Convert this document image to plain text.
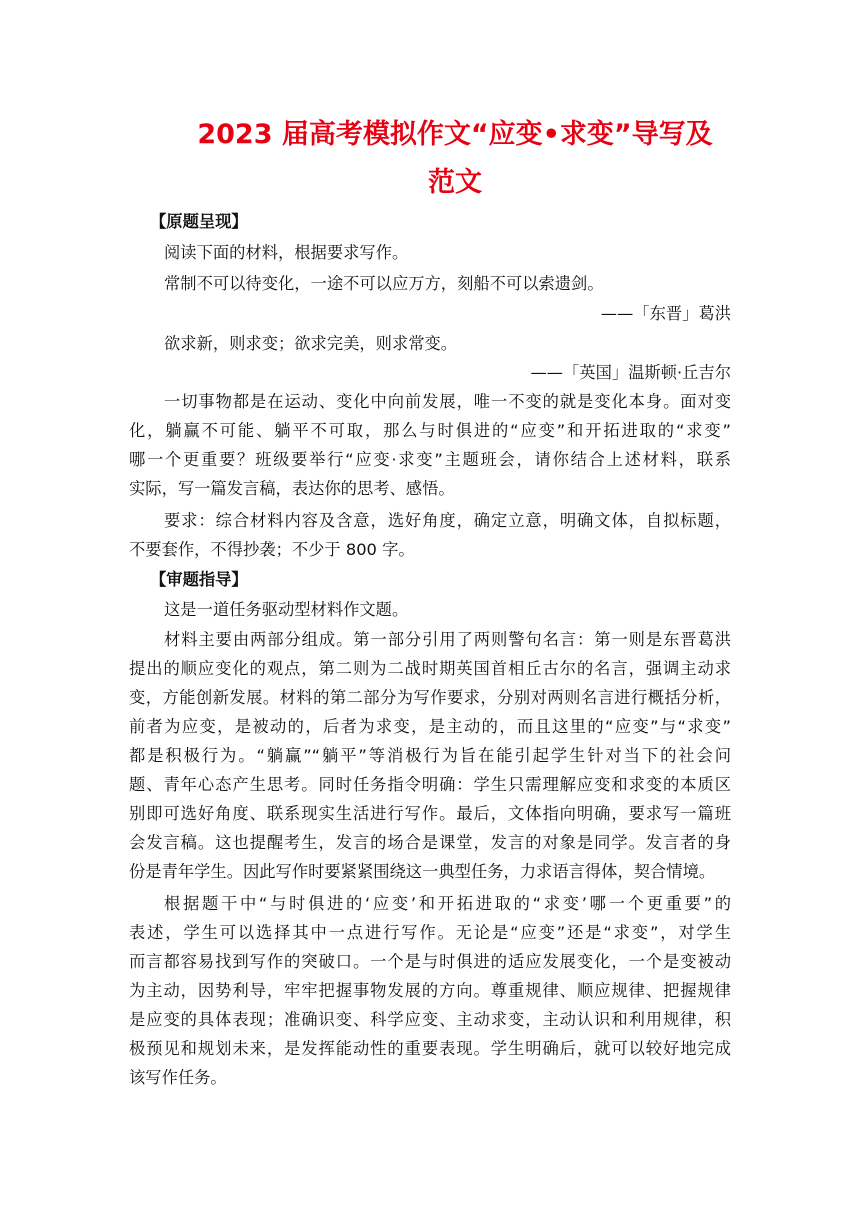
2023 届高考模拟作文“应变•求变”导写及
范文
【原题呈现】
阅读下面的材料，根据要求写作。
常制不可以待变化，一途不可以应万方，刻船不可以索遗剑。
——「东晋」葛洪
欲求新，则求变；欲求完美，则求常变。
——「英国」温斯顿·丘吉尔
一切事物都是在运动、变化中向前发展，唯一不变的就是变化本身。面对变
化，躺赢不可能、躺平不可取，那么与时俱进的“应变”和开拓进取的“求变”
哪一个更重要？班级要举行“应变·求变”主题班会，请你结合上述材料，联系
实际，写一篇发言稿，表达你的思考、感悟。
要求：综合材料内容及含意，选好角度，确定立意，明确文体，自拟标题，
不要套作，不得抄袭；不少于 800 字。
【审题指导】
这是一道任务驱动型材料作文题。
材料主要由两部分组成。第一部分引用了两则警句名言：第一则是东晋葛洪
提出的顺应变化的观点，第二则为二战时期英国首相丘古尔的名言，强调主动求
变，方能创新发展。材料的第二部分为写作要求，分别对两则名言进行概括分析，
前者为应变，是被动的，后者为求变，是主动的，而且这里的“应变”与“求变”
都是积极行为。“躺赢”“躺平”等消极行为旨在能引起学生针对当下的社会问
题、青年心态产生思考。同时任务指令明确：学生只需理解应变和求变的本质区
别即可选好角度、联系现实生活进行写作。最后，文体指向明确，要求写一篇班
会发言稿。这也提醒考生，发言的场合是课堂，发言的对象是同学。发言者的身
份是青年学生。因此写作时要紧紧围绕这一典型任务，力求语言得体，契合情境。
根据题干中“与时俱进的‘应变’和开拓进取的“求变’哪一个更重要”的
表述，学生可以选择其中一点进行写作。无论是“应变”还是“求变”，对学生
而言都容易找到写作的突破口。一个是与时俱进的适应发展变化，一个是变被动
为主动，因势利导，牢牢把握事物发展的方向。尊重规律、顺应规律、把握规律
是应变的具体表现；准确识变、科学应变、主动求变，主动认识和利用规律，积
极预见和规划未来，是发挥能动性的重要表现。学生明确后，就可以较好地完成
该写作任务。
